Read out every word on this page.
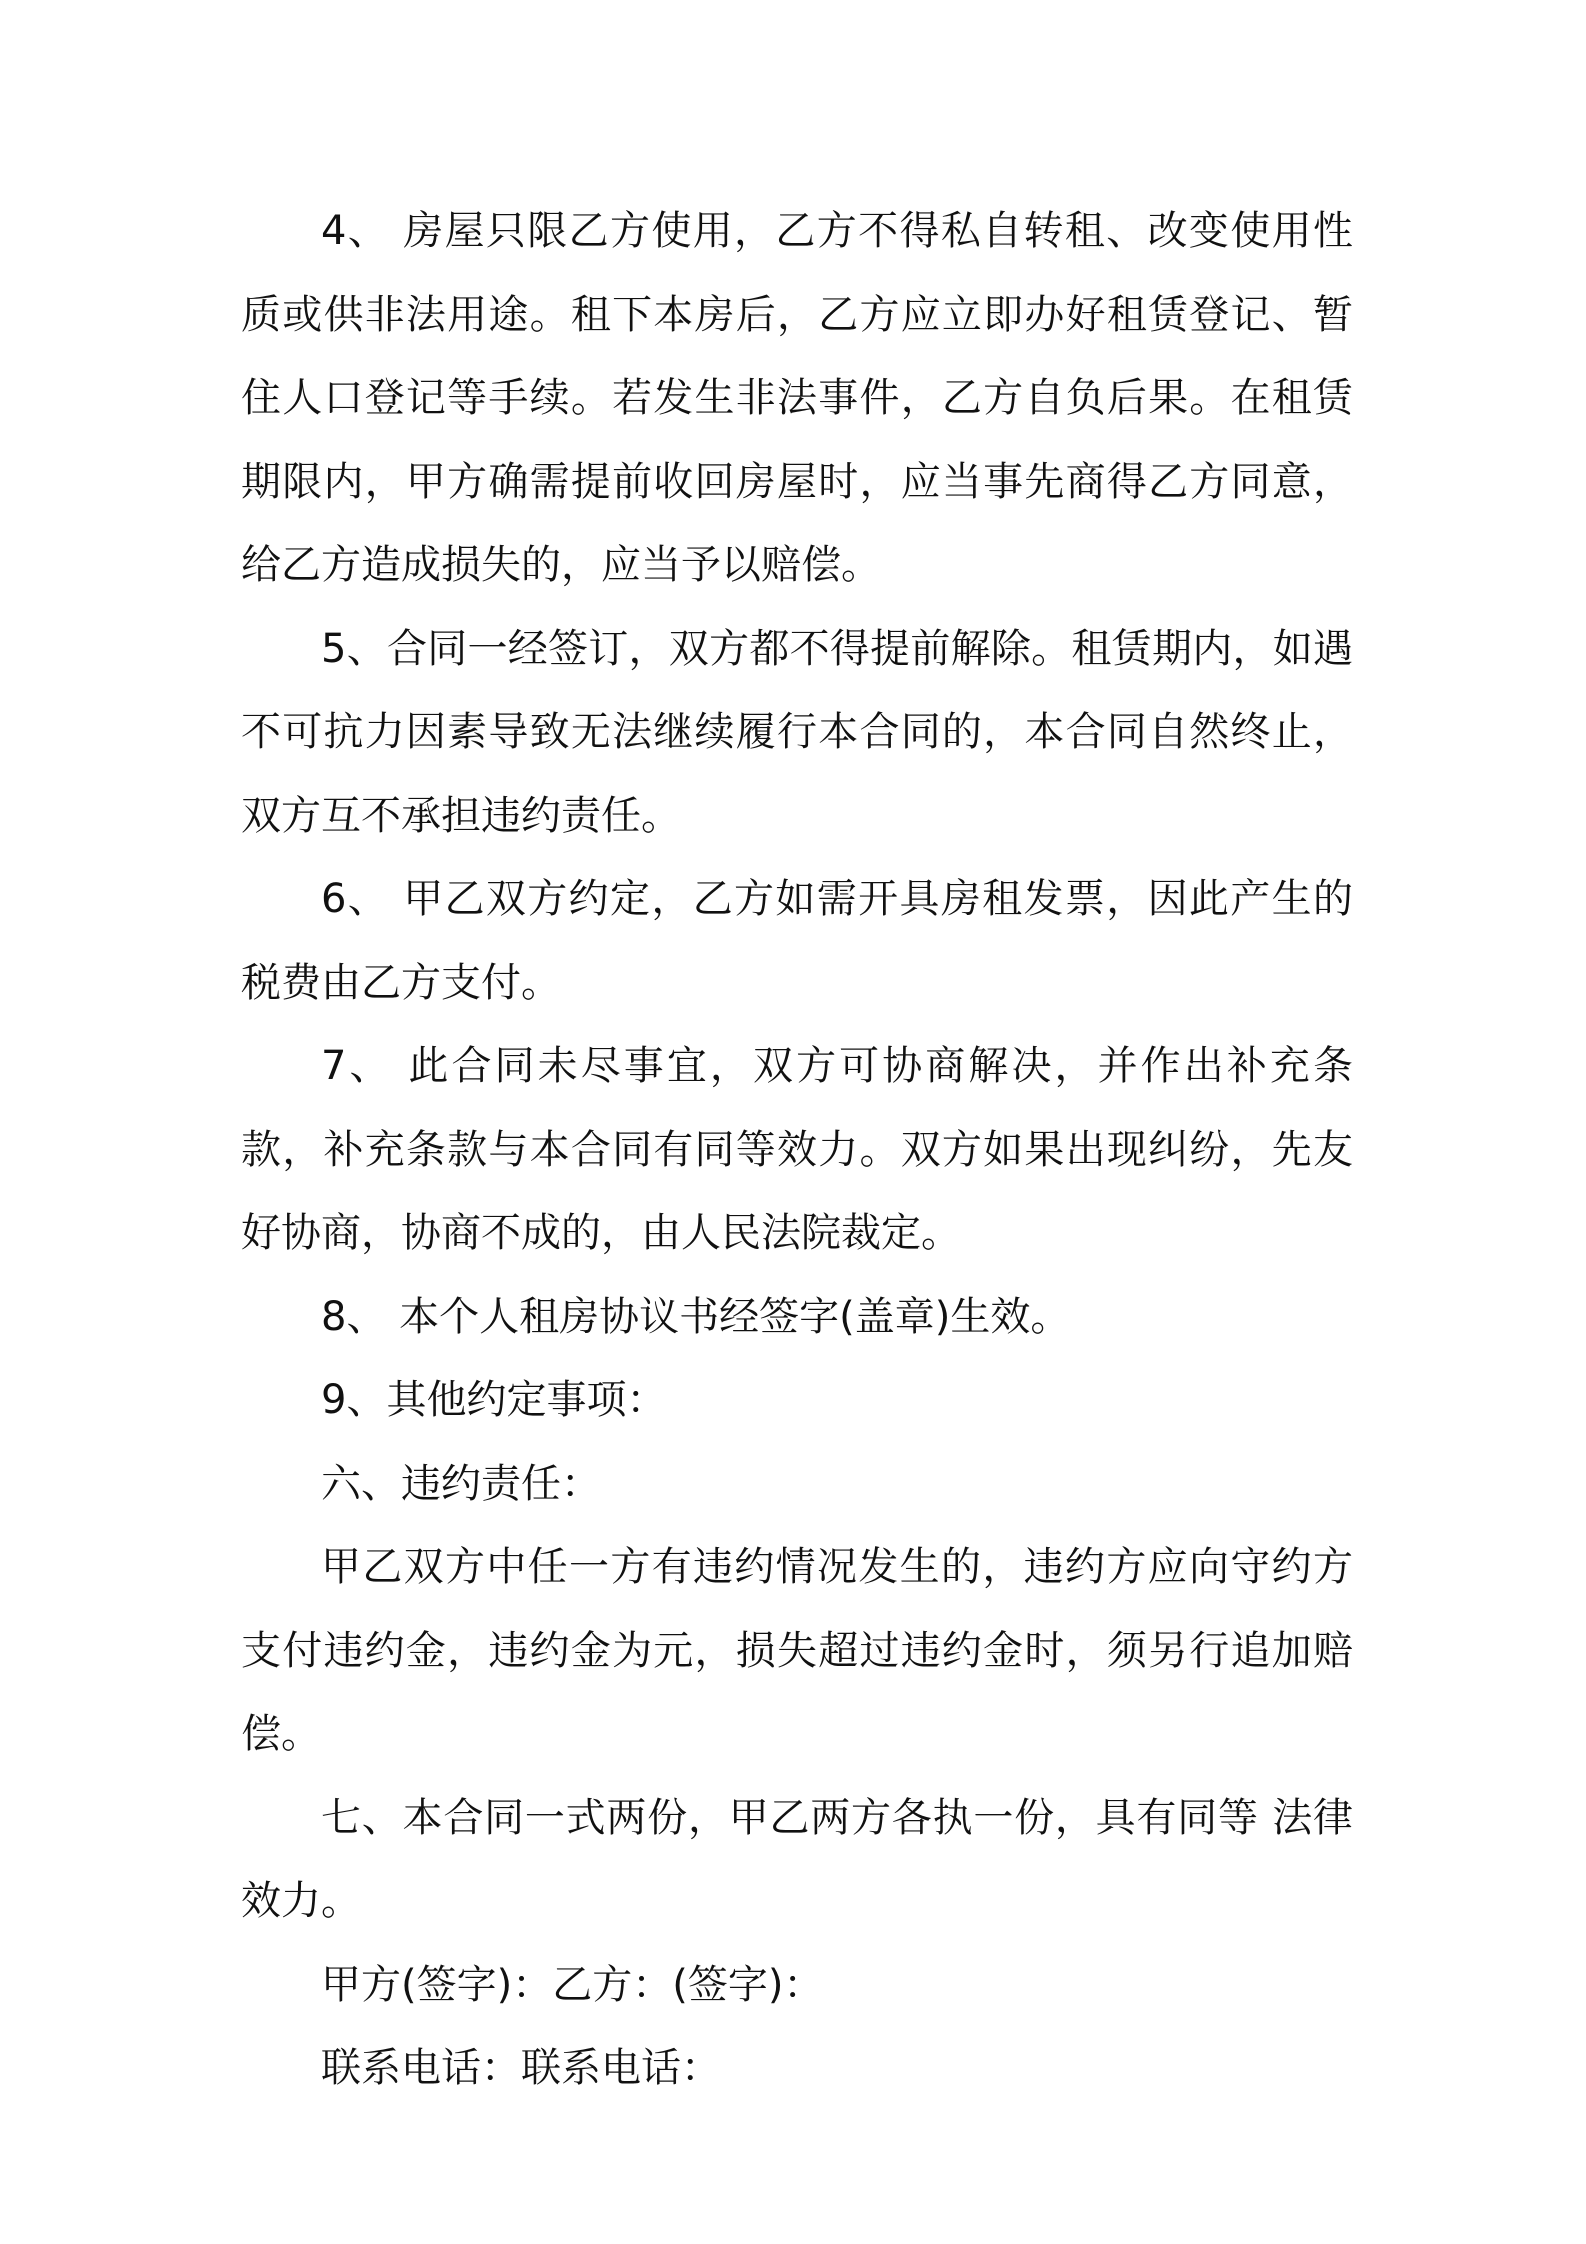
4、 房屋只限乙方使用，乙方不得私自转租、改变使用性质或供非法用途。租下本房后，乙方应立即办好租赁登记、暂住人口登记等手续。若发生非法事件，乙方自负后果。在租赁期限内，甲方确需提前收回房屋时，应当事先商得乙方同意，给乙方造成损失的，应当予以赔偿。

5、合同一经签订，双方都不得提前解除。租赁期内，如遇不可抗力因素导致无法继续履行本合同的，本合同自然终止，双方互不承担违约责任。

6、 甲乙双方约定，乙方如需开具房租发票，因此产生的税费由乙方支付。

7、 此合同未尽事宜，双方可协商解决，并作出补充条款，补充条款与本合同有同等效力。双方如果出现纠纷，先友好协商，协商不成的，由人民法院裁定。

8、 本个人租房协议书经签字(盖章)生效。

9、其他约定事项：

六、违约责任：

甲乙双方中任一方有违约情况发生的，违约方应向守约方支付违约金，违约金为元，损失超过违约金时，须另行追加赔偿。

七、本合同一式两份，甲乙两方各执一份，具有同等 法律效力。

甲方(签字)：乙方：(签字)：

联系电话：联系电话：
